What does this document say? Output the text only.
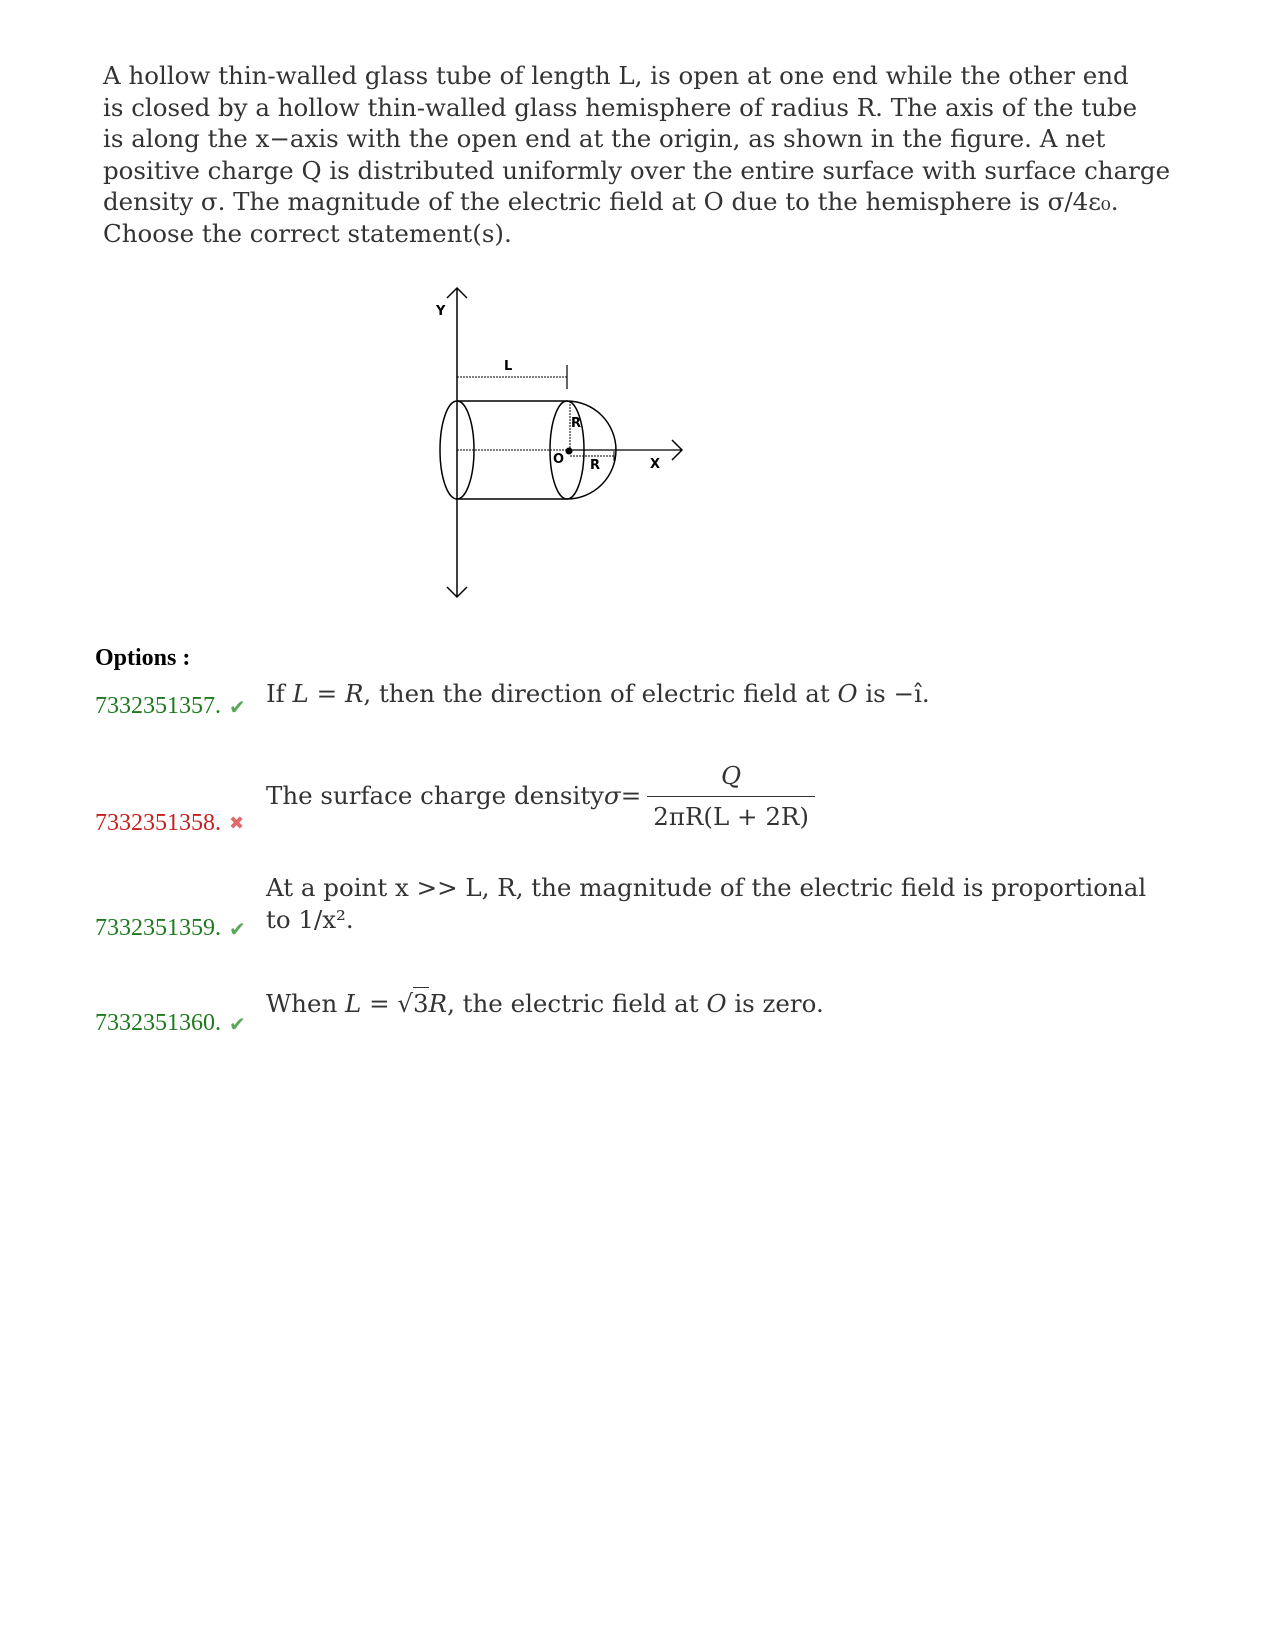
A hollow thin-walled glass tube of length L, is open at one end while the other end
is closed by a hollow thin-walled glass hemisphere of radius R. The axis of the tube
is along the x−axis with the open end at the origin, as shown in the figure. A net
positive charge Q is distributed uniformly over the entire surface with surface charge
density σ. The magnitude of the electric field at O due to the hemisphere is σ/4ε₀.
Choose the correct statement(s).
Y
L
X
R
R
O
Options :
7332351357. ✔ If L = R, then the direction of electric field at O is −î.
7332351358. ✖
The surface charge density $\sigma = \frac{Q}{2\pi R(L + 2R)}$
7332351359. ✔
At a point x >> L, R, the magnitude of the electric field is proportional
to 1/x².
7332351360. ✔
When L = √3R, the electric field at O is zero.
